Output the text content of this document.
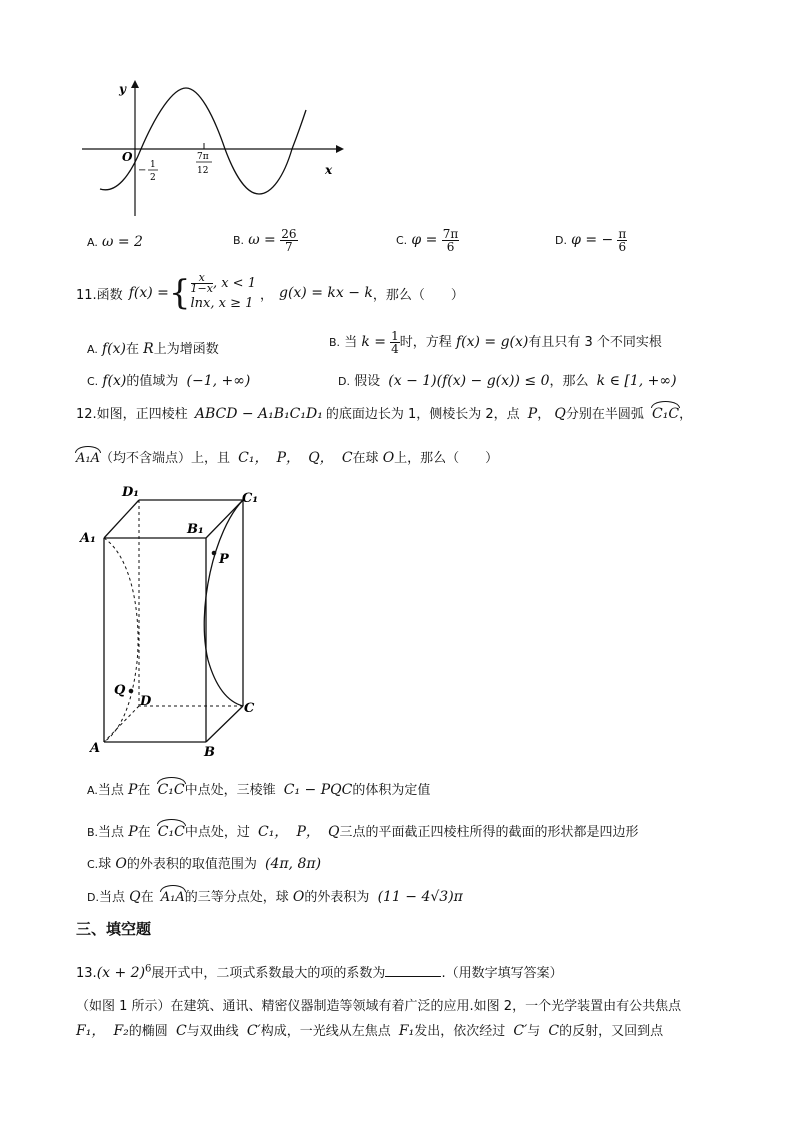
y
x
O
− 1
2
7π
12
A. ω = 2	B. $\omega = \frac{26}{7}$	C. $\varphi = \frac{7\pi}{6}$	D. φ = − $\frac{\pi}{6}$
11.函数 f(x) = { $\frac{x}{1-x}$ , x < 1
lnx, x ≥ 1
， g(x) = kx − k ，那么（　　）
A. f(x)在 R上为增函数	B. 当 $k = \frac{1}{4}$ 时，方程 f(x) = g(x)有且只有 3 个不同实根
C. f(x)的值域为 (−1, +∞)	D. 假设 (x − 1)(f(x) − g(x)) ≤ 0，那么 k ∈ [1, +∞)
12.如图，正四棱柱 ABCD − A₁B₁C₁D₁ 的底面边长为 1，侧棱长为 2，点 P， Q分别在半圆弧 C₁C，
A₁A（均不含端点）上，且 C₁， P， Q， C在球 O上，那么（　　）
D₁	C₁
A₁
B₁
P
Q
D	C
A	B
A.当点 P在 C₁C中点处，三棱锥 C₁ − PQC的体积为定值
B.当点 P在 C₁C中点处，过 C₁， P， Q三点的平面截正四棱柱所得的截面的形状都是四边形
C.球 O的外表积的取值范围为 (4π, 8π)
D.当点 Q在 A₁A的三等分点处，球 O的外表积为 (11 − 4√3)π
三、填空题
$13.(x + 2)^6$展开式中，二项式系数最大的项的系数为	.（用数字填写答案）
（如图 1 所示）在建筑、通讯、精密仪器制造等领域有着广泛的应用.如图 2，一个光学装置由有公共焦点
F₁， F₂的椭圆 C与双曲线 C′构成，一光线从左焦点 F₁发出，依次经过 C′与 C的反射，又回到点
